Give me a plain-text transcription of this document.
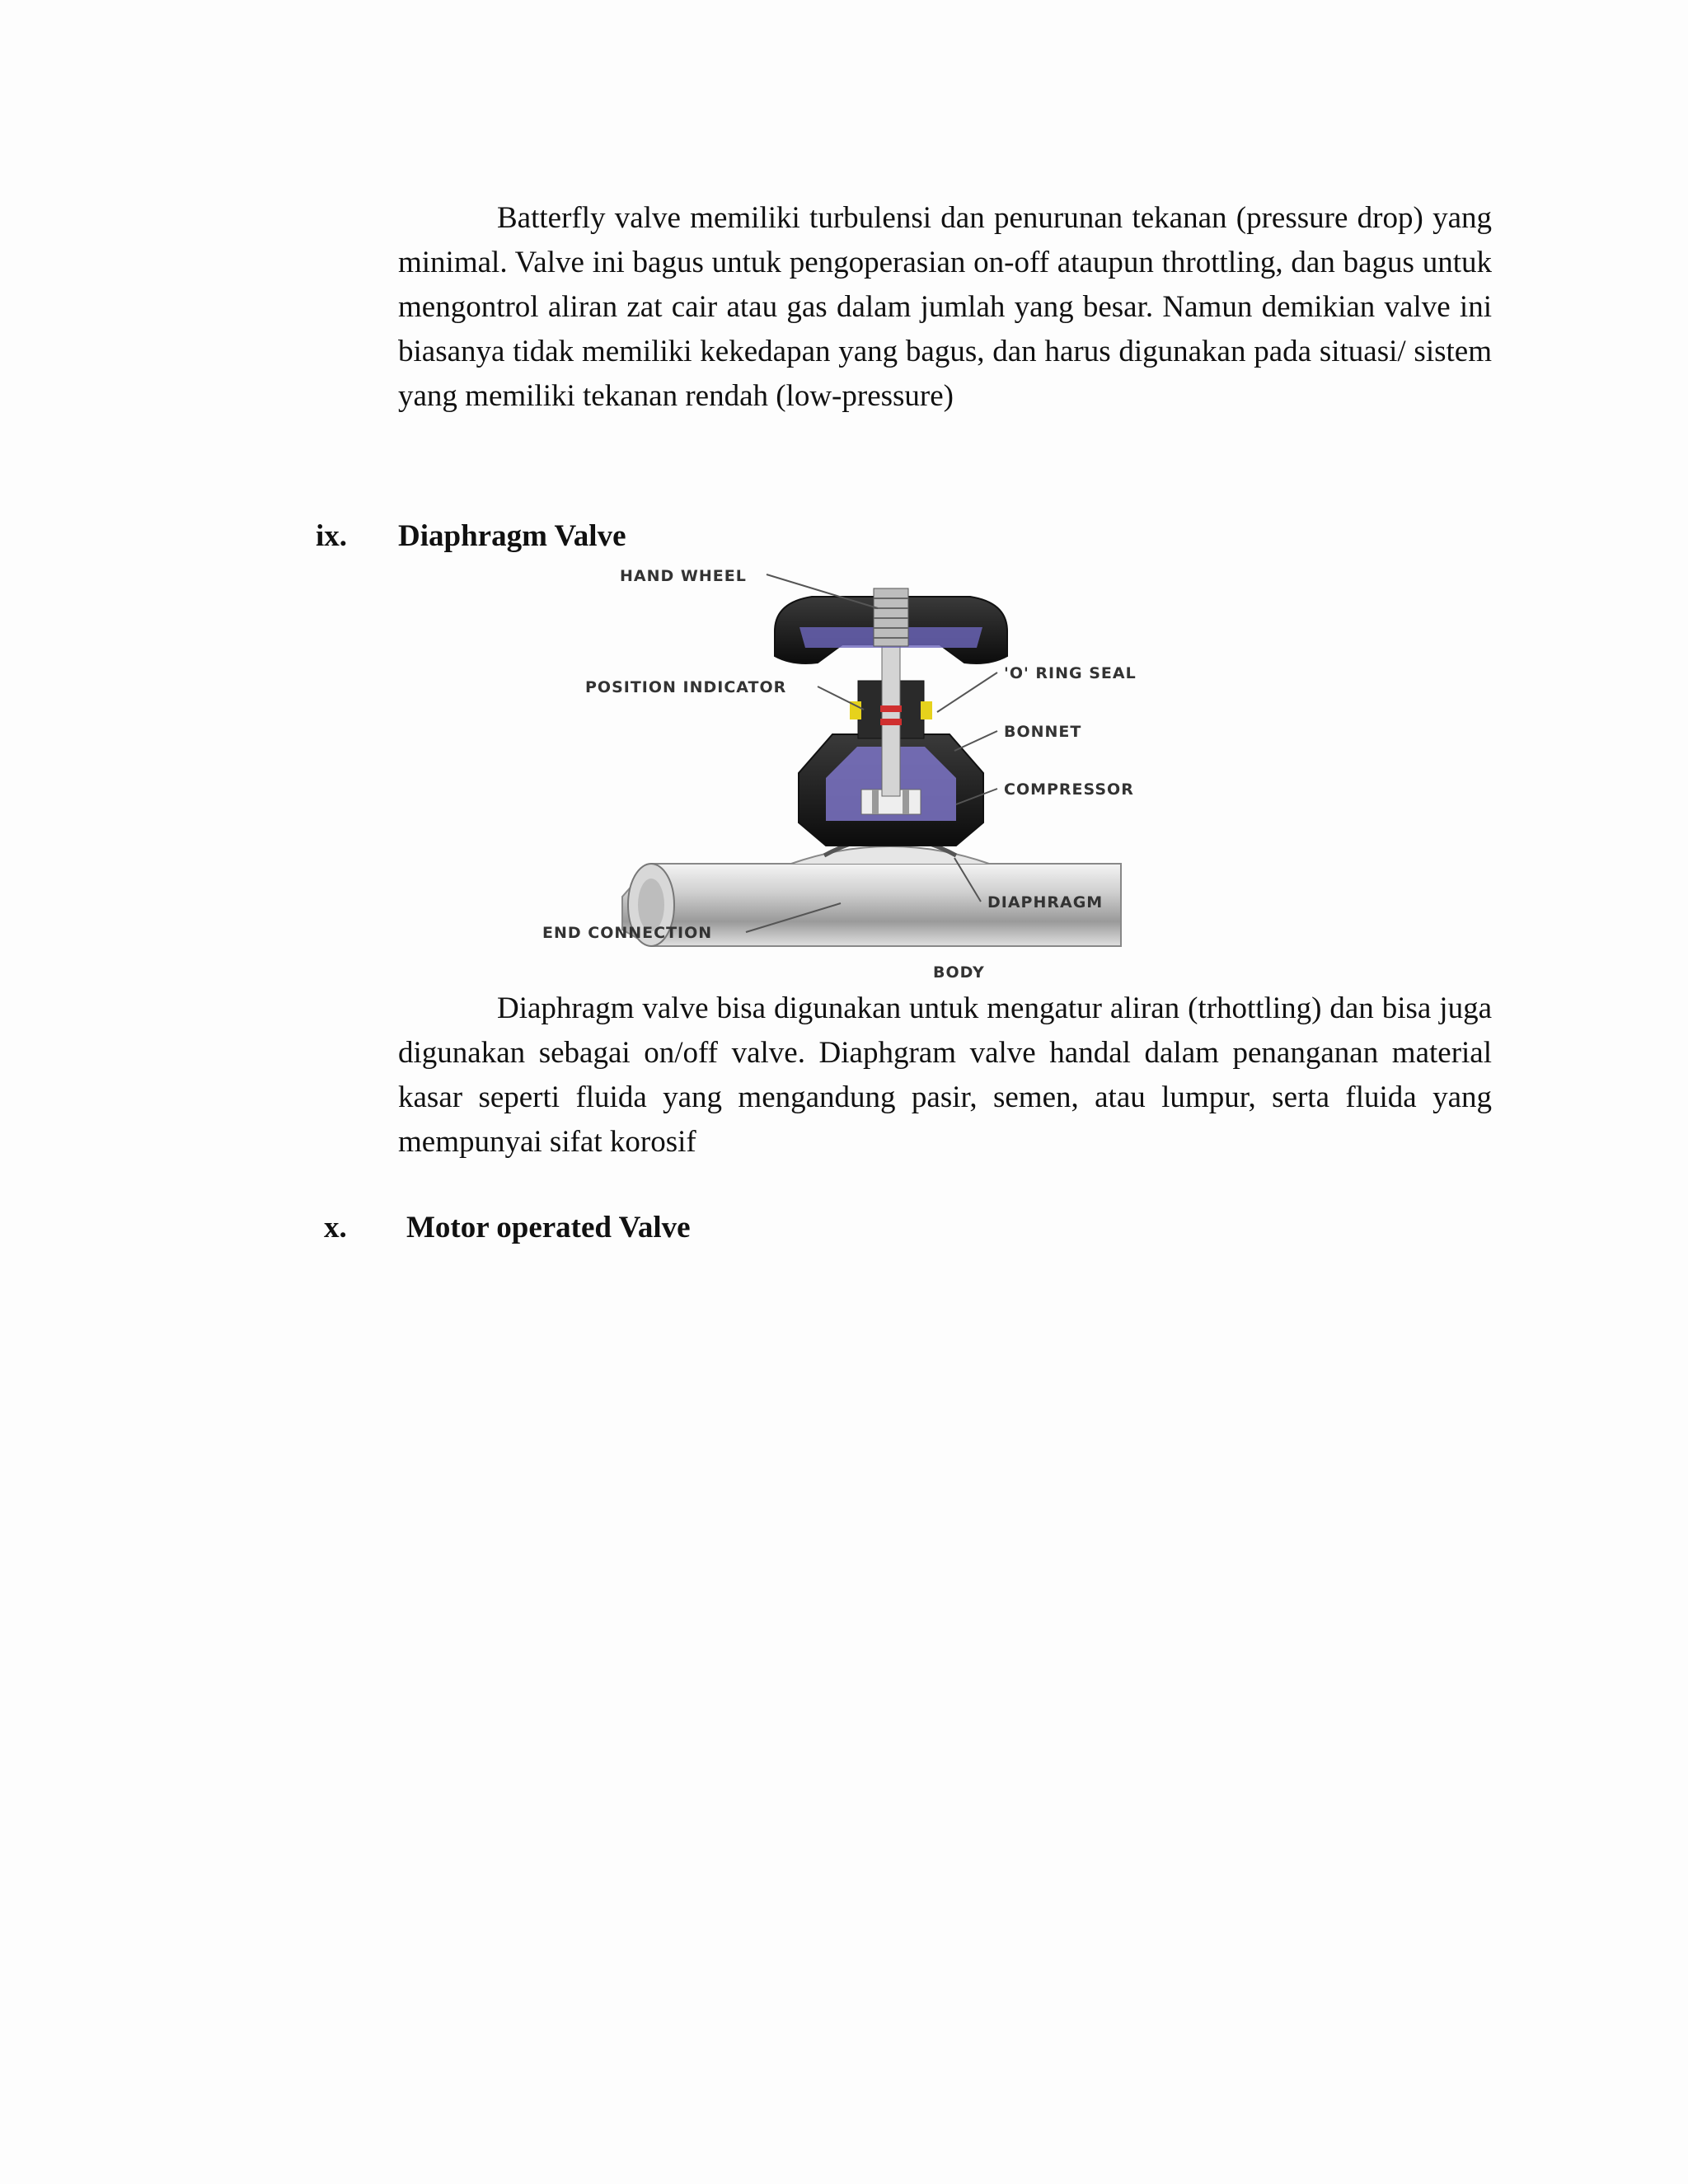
Batterfly valve memiliki turbulensi dan penurunan tekanan (pressure drop) yang minimal. Valve ini bagus untuk pengoperasian on-off ataupun throttling, dan bagus untuk mengontrol aliran zat cair atau gas dalam jumlah yang besar. Namun demikian valve ini biasanya tidak memiliki kekedapan yang bagus, dan harus digunakan pada situasi/ sistem yang memiliki tekanan rendah (low-pressure)

ix. Diaphragm Valve
HAND WHEEL
POSITION INDICATOR
'O' RING SEAL
BONNET
COMPRESSOR
DIAPHRAGM
END CONNECTION
BODY

Diaphragm valve bisa digunakan untuk mengatur aliran (trhottling) dan bisa juga digunakan sebagai on/off valve. Diaphgram valve handal dalam penanganan material kasar seperti fluida yang mengandung pasir, semen, atau lumpur, serta fluida yang mempunyai sifat korosif

x. Motor operated Valve
